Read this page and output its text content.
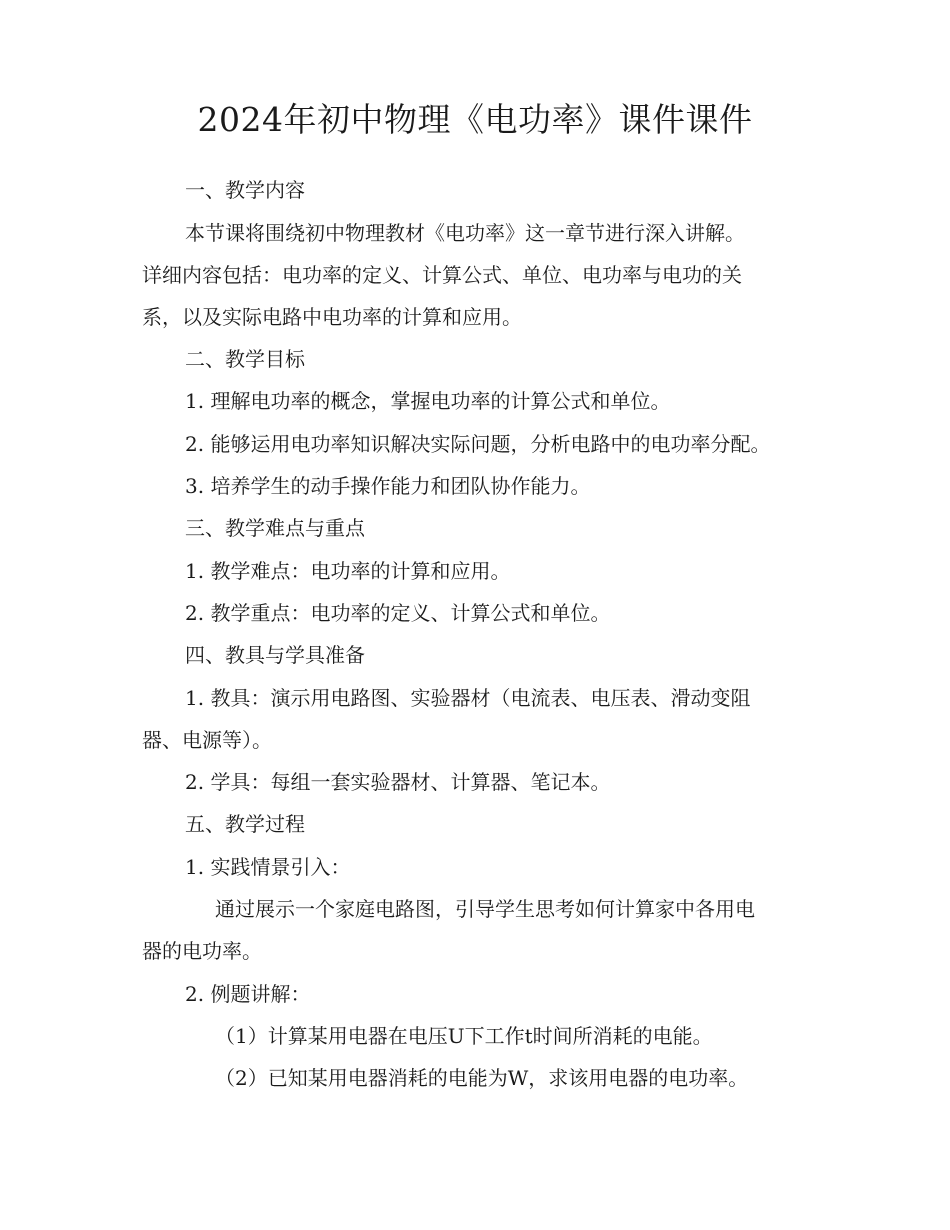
2024年初中物理《电功率》课件课件
一、教学内容
本节课将围绕初中物理教材《电功率》这一章节进行深入讲解。
详细内容包括：电功率的定义、计算公式、单位、电功率与电功的关
系，以及实际电路中电功率的计算和应用。
二、教学目标
1. 理解电功率的概念，掌握电功率的计算公式和单位。
2. 能够运用电功率知识解决实际问题，分析电路中的电功率分配。
3. 培养学生的动手操作能力和团队协作能力。
三、教学难点与重点
1. 教学难点：电功率的计算和应用。
2. 教学重点：电功率的定义、计算公式和单位。
四、教具与学具准备
1. 教具：演示用电路图、实验器材（电流表、电压表、滑动变阻
器、电源等）。
2. 学具：每组一套实验器材、计算器、笔记本。
五、教学过程
1. 实践情景引入：
通过展示一个家庭电路图，引导学生思考如何计算家中各用电
器的电功率。
2. 例题讲解：
（1）计算某用电器在电压U下工作t时间所消耗的电能。
（2）已知某用电器消耗的电能为W，求该用电器的电功率。
